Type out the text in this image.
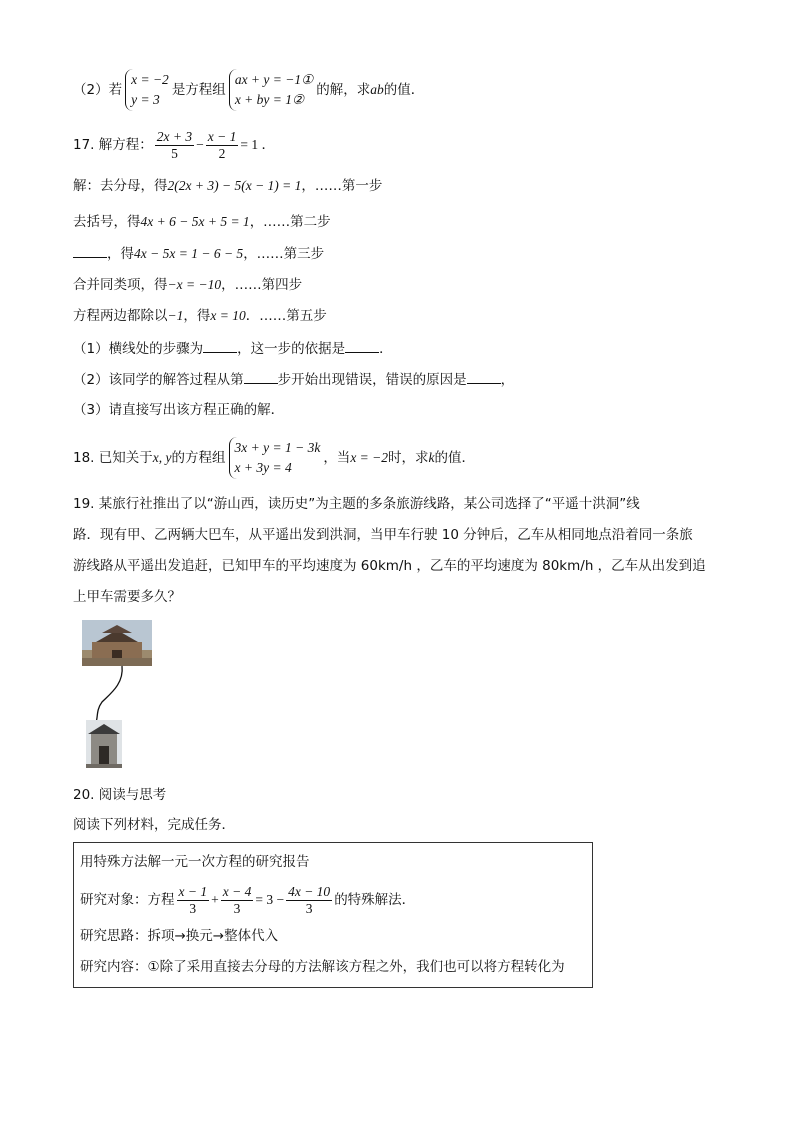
（2）若
x = −2
y = 3
是方程组
ax + y = −1①
x + by = 1②
的解，求ab的值．
17. 解方程： $\frac{2x + 3}{5} - \frac{x - 1}{2} = 1$ ．
解：去分母，得2(2x + 3) − 5(x − 1) = 1，……第一步
去括号，得4x + 6 − 5x + 5 = 1，……第二步
，得4x − 5x = 1 − 6 − 5，……第三步
合并同类项，得−x = −10，……第四步
方程两边都除以−1，得x = 10．……第五步
（1）横线处的步骤为	，这一步的依据是	．
（2）该同学的解答过程从第	步开始出现错误，错误的原因是	，
（3）请直接写出该方程正确的解．
18. 已知关于x, y的方程组
3x + y = 1 − 3k
x + 3y = 4
，当x = −2时，求k的值．
19. 某旅行社推出了以“游山西，读历史”为主题的多条旅游线路，某公司选择了“平遥十洪洞”线
路．现有甲、乙两辆大巴车，从平遥出发到洪洞，当甲车行驶 10 分钟后，乙车从相同地点沿着同一条旅
游线路从平遥出发追赶，已知甲车的平均速度为 60km/h ，乙车的平均速度为 80km/h ，乙车从出发到追
上甲车需要多久？
20. 阅读与思考
阅读下列材料，完成任务．
用特殊方法解一元一次方程的研究报告
研究对象：方程 $\frac{x - 1}{3} + \frac{x - 4}{3} = 3 - \frac{4x - 10}{3}$ 的特殊解法．
研究思路：拆项→换元→整体代入
研究内容：①除了采用直接去分母的方法解该方程之外，我们也可以将方程转化为
